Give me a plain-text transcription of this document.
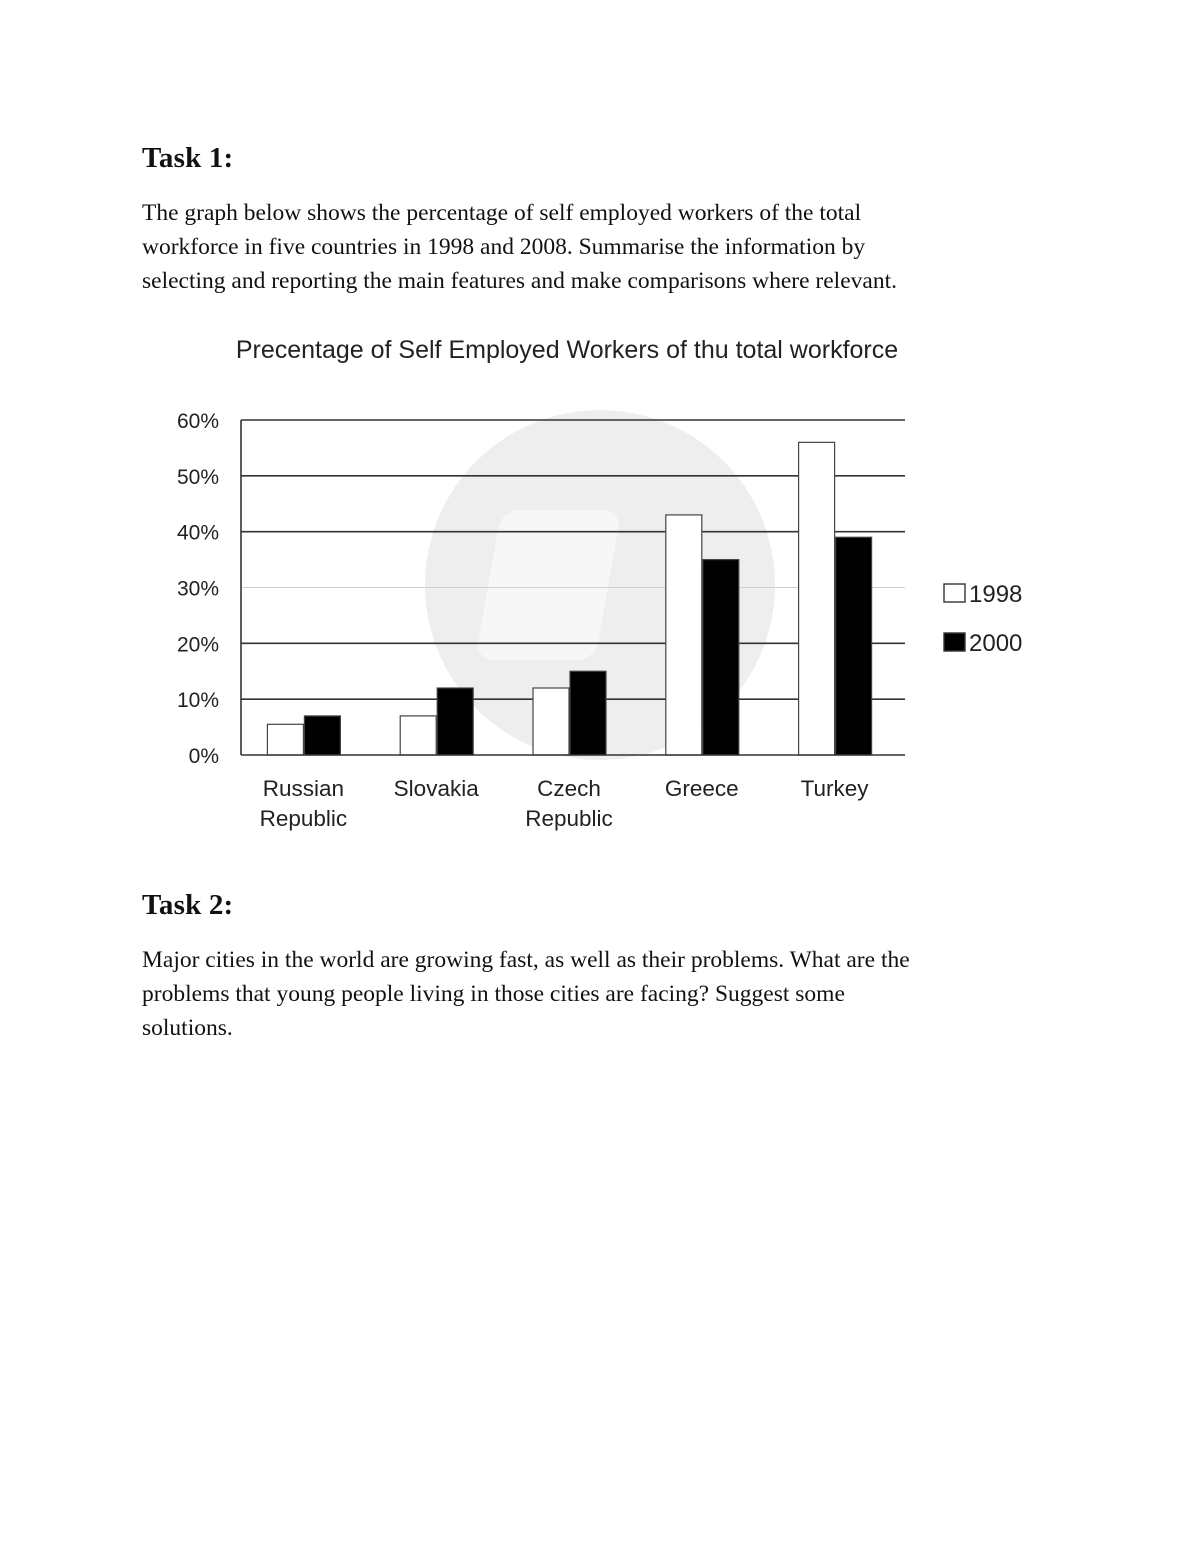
Task 1:

The graph below shows the percentage of self employed workers of the total
workforce in five countries in 1998 and 2008. Summarise the information by
selecting and reporting the main features and make comparisons where relevant.

Precentage of Self Employed Workers of thu total workforce
0%
10%
20%
30%
40%
50%
60%
Russian
Republic
Slovakia	Czech
Republic
Greece	Turkey
1998
2000
Task 2:

Major cities in the world are growing fast, as well as their problems. What are the
problems that young people living in those cities are facing? Suggest some
solutions.
